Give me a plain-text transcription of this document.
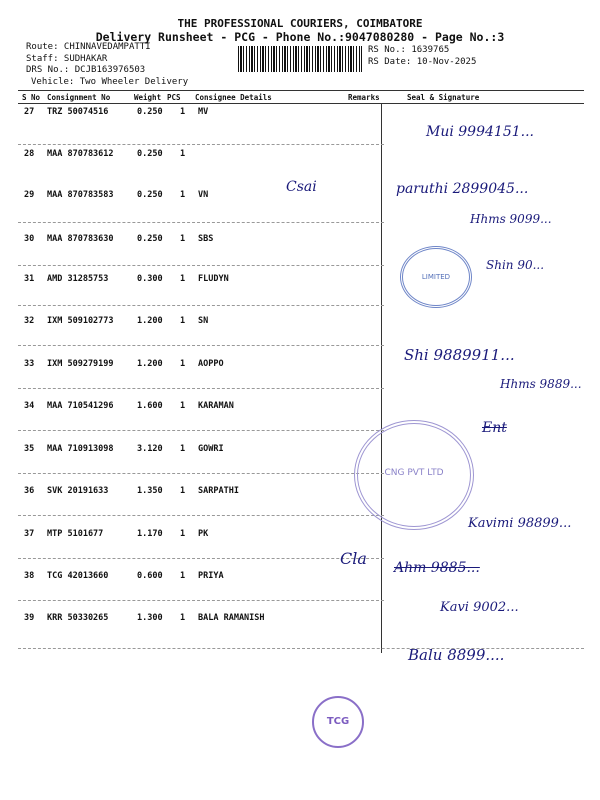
THE PROFESSIONAL COURIERS, COIMBATORE
Delivery Runsheet - PCG - Phone No.:9047080280 - Page No.:3
Route: CHINNAVEDAMPATTI
Staff: SUDHAKAR
DRS No.: DCJB163976503
Vehicle: Two Wheeler Delivery
RS No.: 1639765
RS Date: 10-Nov-2025
S No Consignment No	Weight PCS Consignee Details	Remarks	Seal & Signature
27 TRZ 50074516	0.250 1 MV
28 MAA 870783612	0.250 1
29 MAA 870783583	0.250 1 VN
30 MAA 870783630	0.250 1 SBS
31 AMD 31285753	0.300 1 FLUDYN
32 IXM 509102773	1.200 1 SN
33 IXM 509279199	1.200 1 AOPPO
34 MAA 710541296	1.600 1 KARAMAN
35 MAA 710913098	3.120 1 GOWRI
36 SVK 20191633	1.350 1 SARPATHI
37 MTP 5101677	1.170 1 PK
38 TCG 42013660	0.600 1 PRIYA
39 KRR 50330265	1.300 1 BALA RAMANISH
Mui 9994151...
Csai	paruthi 2899045...
Hhms 9099...
Shin 90...
Shi 9889911...
Hhms 9889...
Ent
Kavimi 98899...
Cla Ahm 9885...
Kavi 9002...
Balu 8899....
LIMITED
CNG PVT LTD
TCG
